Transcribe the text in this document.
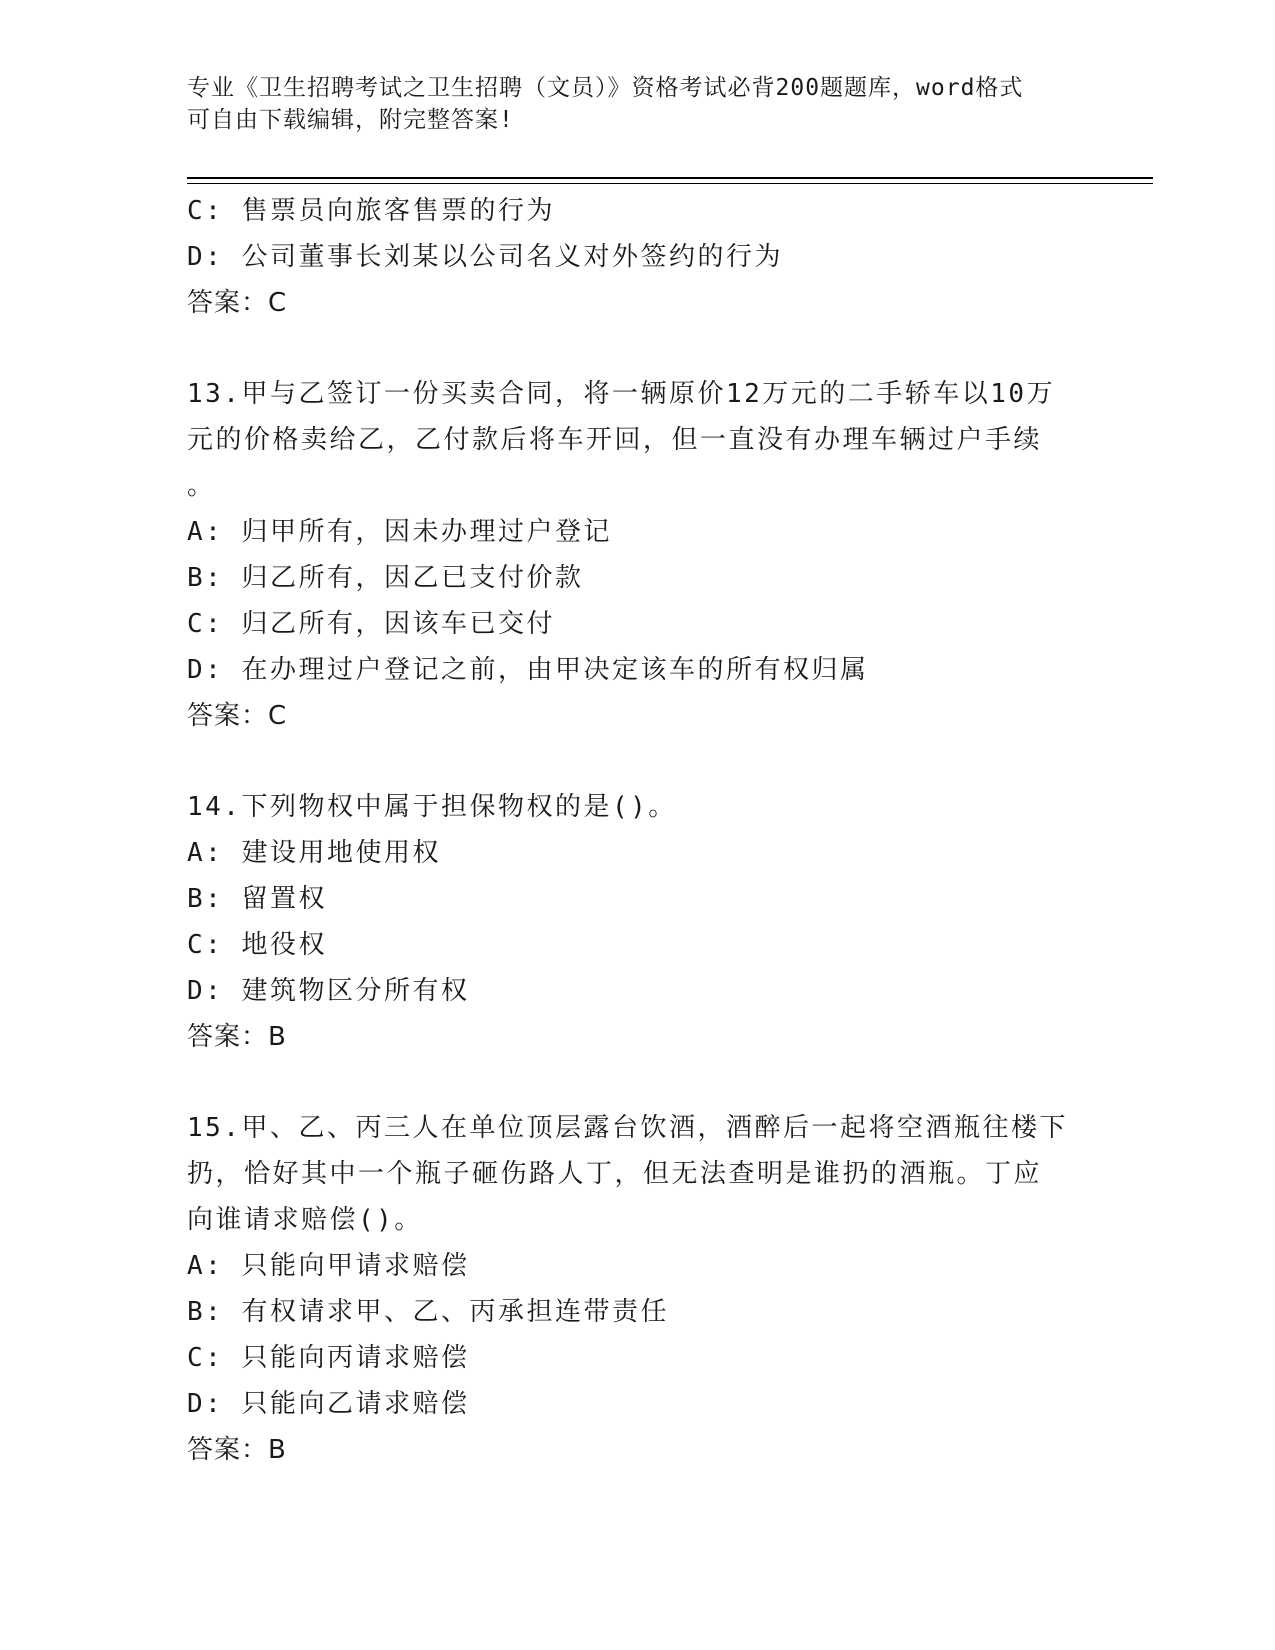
专业《卫生招聘考试之卫生招聘（文员）》资格考试必背200题题库，word格式
可自由下载编辑，附完整答案!
C: 售票员向旅客售票的行为
D: 公司董事长刘某以公司名义对外签约的行为
答案：C
13.甲与乙签订一份买卖合同，将一辆原价12万元的二手轿车以10万
元的价格卖给乙，乙付款后将车开回，但一直没有办理车辆过户手续
。
A: 归甲所有，因未办理过户登记
B: 归乙所有，因乙已支付价款
C: 归乙所有，因该车已交付
D: 在办理过户登记之前，由甲决定该车的所有权归属
答案：C
14.下列物权中属于担保物权的是()。
A: 建设用地使用权
B: 留置权
C: 地役权
D: 建筑物区分所有权
答案：B
15.甲、乙、丙三人在单位顶层露台饮酒，酒醉后一起将空酒瓶往楼下
扔，恰好其中一个瓶子砸伤路人丁，但无法查明是谁扔的酒瓶。丁应
向谁请求赔偿()。
A: 只能向甲请求赔偿
B: 有权请求甲、乙、丙承担连带责任
C: 只能向丙请求赔偿
D: 只能向乙请求赔偿
答案：B
